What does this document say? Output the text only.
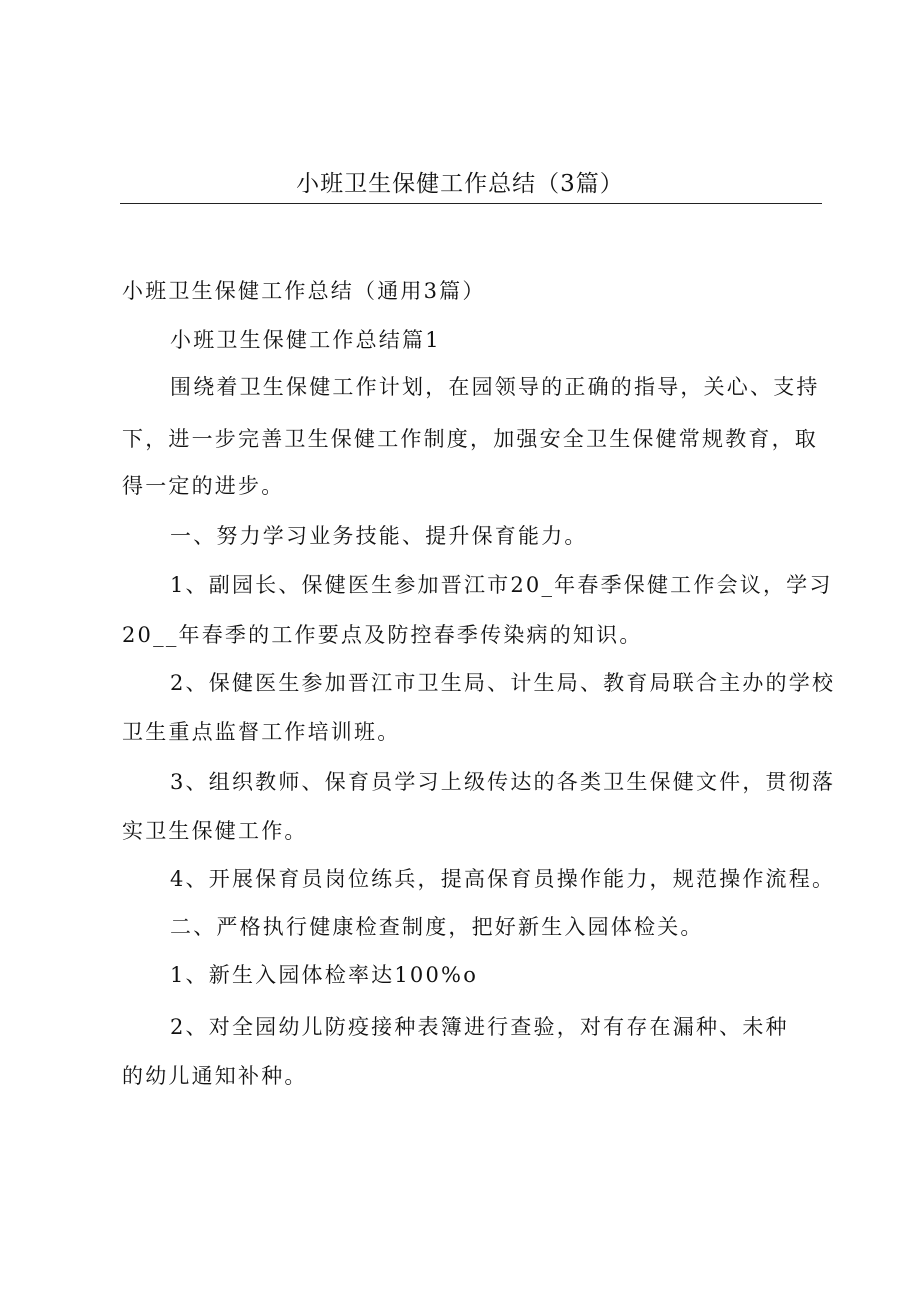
小班卫生保健工作总结（3篇）
小班卫生保健工作总结（通用3篇）
小班卫生保健工作总结篇1
围绕着卫生保健工作计划，在园领导的正确的指导，关心、支持
下，进一步完善卫生保健工作制度，加强安全卫生保健常规教育，取
得一定的进步。
一、努力学习业务技能、提升保育能力。
1、副园长、保健医生参加晋江市20_年春季保健工作会议，学习
20__年春季的工作要点及防控春季传染病的知识。
2、保健医生参加晋江市卫生局、计生局、教育局联合主办的学校
卫生重点监督工作培训班。
3、组织教师、保育员学习上级传达的各类卫生保健文件，贯彻落
实卫生保健工作。
4、开展保育员岗位练兵，提高保育员操作能力，规范操作流程。
二、严格执行健康检查制度，把好新生入园体检关。
1、新生入园体检率达100%o
2、对全园幼儿防疫接种表簿进行查验，对有存在漏种、未种
的幼儿通知补种。
